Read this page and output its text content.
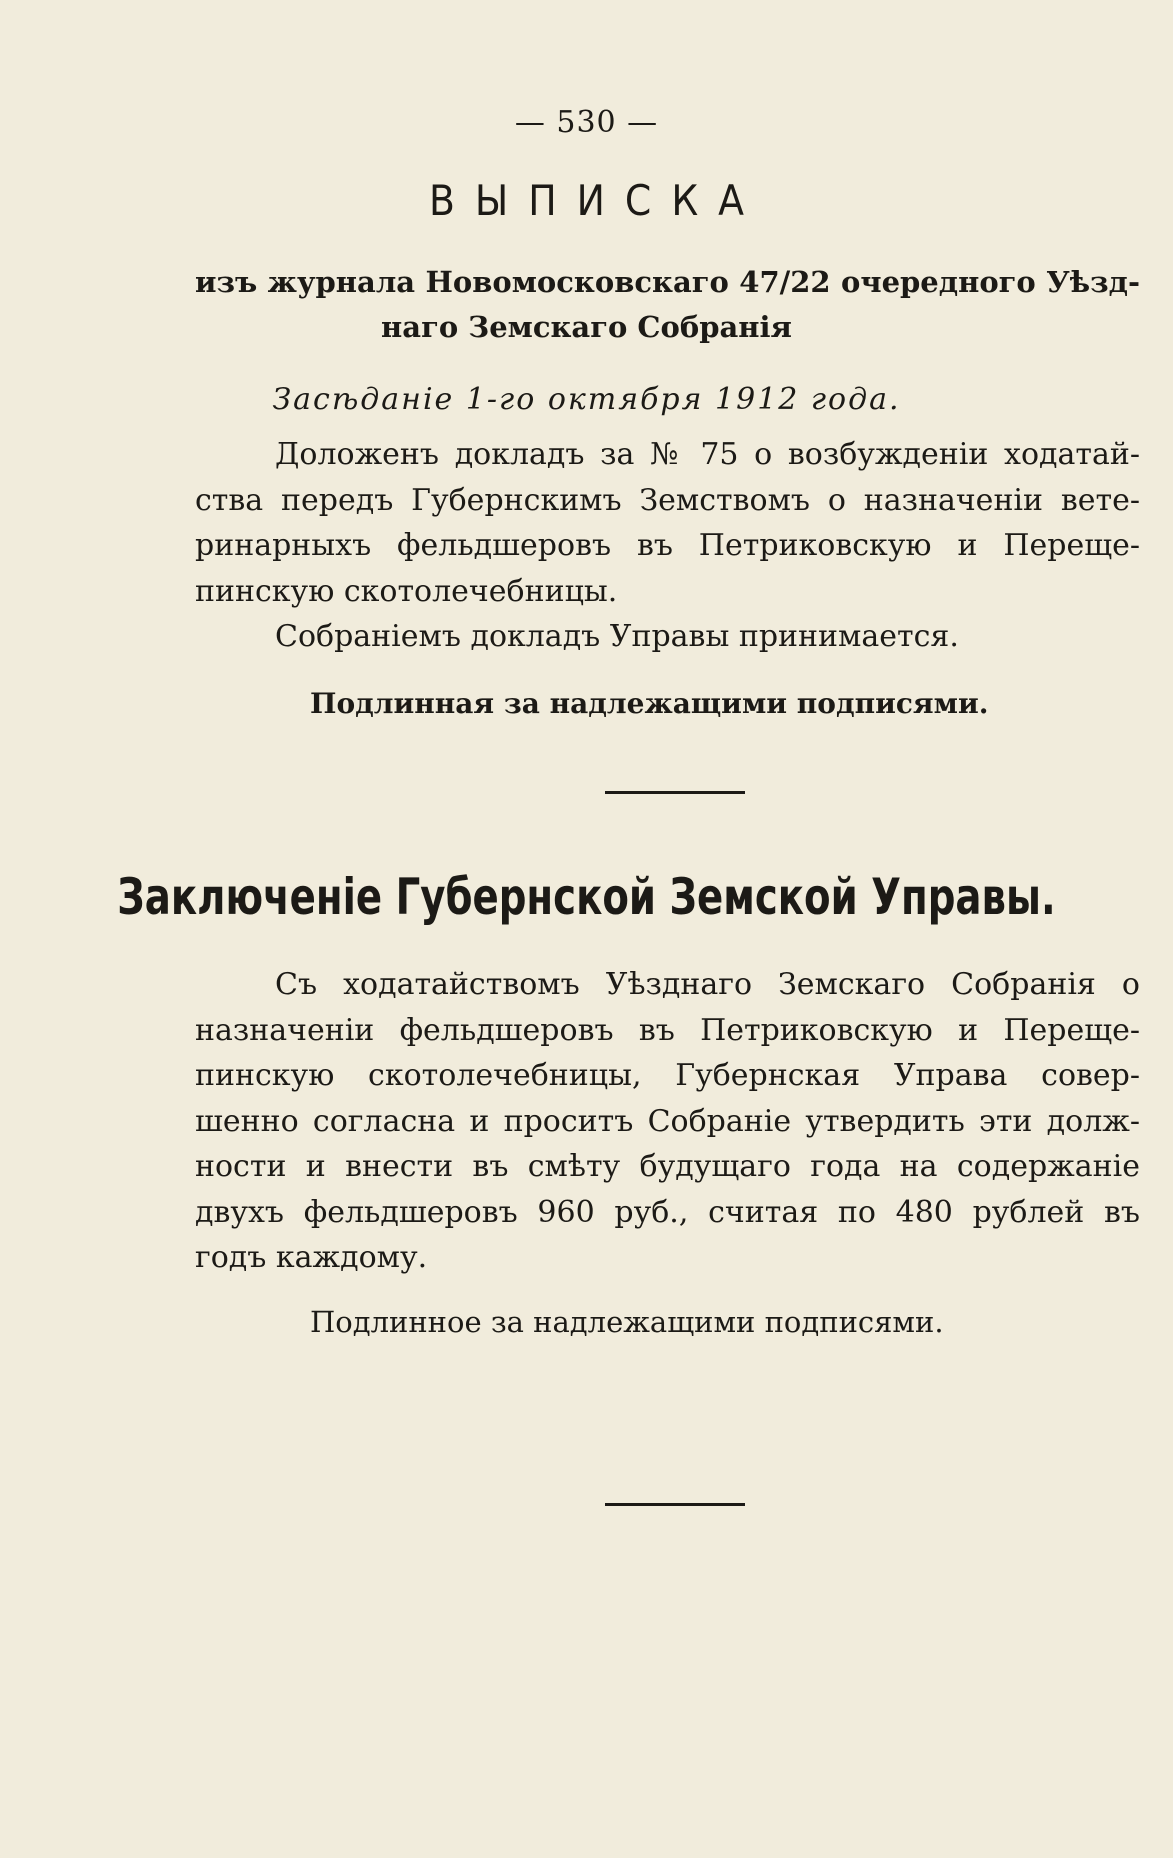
— 530 —
ВЫПИСКА
изъ журнала Новомосковскаго 47/22 очередного Уѣзд-
наго Земскаго Собранія
Засѣданіе 1-го октября 1912 года.
Доложенъ докладъ за № 75 о возбужденіи ходатай-
ства передъ Губернскимъ Земствомъ о назначеніи вете-
ринарныхъ фельдшеровъ въ Петриковскую и Перещe-
пинскую скотолечебницы.
Собраніемъ докладъ Управы принимается.
Подлинная за надлежащими подписями.
Заключеніе Губернской Земской Управы.
Съ ходатайствомъ Уѣзднаго Земскаго Собранія о
назначеніи фельдшеровъ въ Петриковскую и Переще-
пинскую скотолечебницы, Губернская Управа совер-
шенно согласна и проситъ Собраніе утвердить эти долж-
ности и внести въ смѣту будущаго года на содержаніе
двухъ фельдшеровъ 960 руб., считая по 480 рублей въ
годъ каждому.
Подлинное за надлежащими подписями.
